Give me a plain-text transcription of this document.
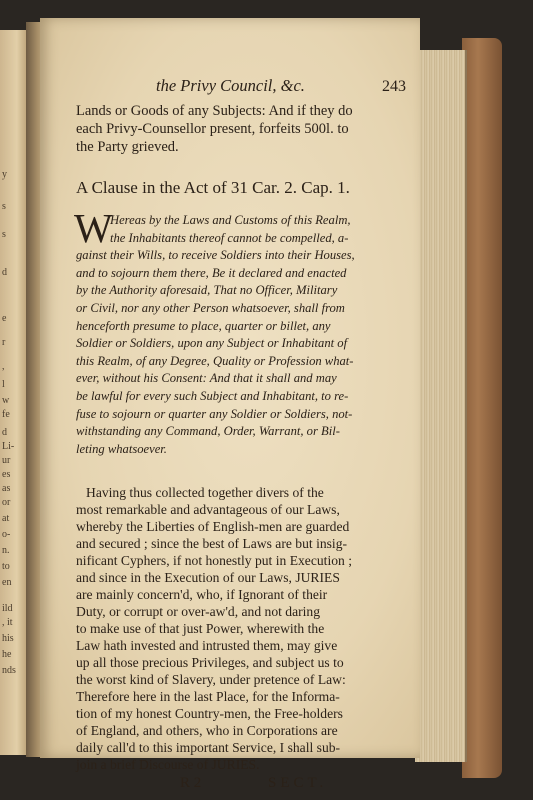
y
s
s
d
e
r
,
l
w
fe
d
Li-
ur
es
as
or
at
o-
n.
to
en
ild
, it
his
he
nds
the Privy Council, &c.	243

Lands or Goods of any Subjects: And if they do

each Privy-Counsellor present, forfeits 500l. to

the Party grieved.

A Clause in the Act of 31 Car. 2. Cap. 1.
W
Hereas by the Laws and Customs of this Realm,
the Inhabitants thereof cannot be compelled, a-
gainst their Wills, to receive Soldiers into their Houses,
and to sojourn them there, Be it declared and enacted
by the Authority aforesaid, That no Officer, Military
or Civil, nor any other Person whatsoever, shall from
henceforth presume to place, quarter or billet, any
Soldier or Soldiers, upon any Subject or Inhabitant of
this Realm, of any Degree, Quality or Profession what-
ever, without his Consent: And that it shall and may
be lawful for every such Subject and Inhabitant, to re-
fuse to sojourn or quarter any Soldier or Soldiers, not-
withstanding any Command, Order, Warrant, or Bil-
leting whatsoever.
Having thus collected together divers of the
most remarkable and advantageous of our Laws,
whereby the Liberties of English-men are guarded
and secured ; since the best of Laws are but insig-
nificant Cyphers, if not honestly put in Execution ;
and since in the Execution of our Laws, JURIES
are mainly concern'd, who, if Ignorant of their
Duty, or corrupt or over-aw'd, and not daring
to make use of that just Power, wherewith the
Law hath invested and intrusted them, may give
up all those precious Privileges, and subject us to
the worst kind of Slavery, under pretence of Law:
Therefore here in the last Place, for the Informa-
tion of my honest Country-men, the Free-holders
of England, and others, who in Corporations are
daily call'd to this important Service, I shall sub-
join a brief Discourse of JURIES.
R 2	SECT.
